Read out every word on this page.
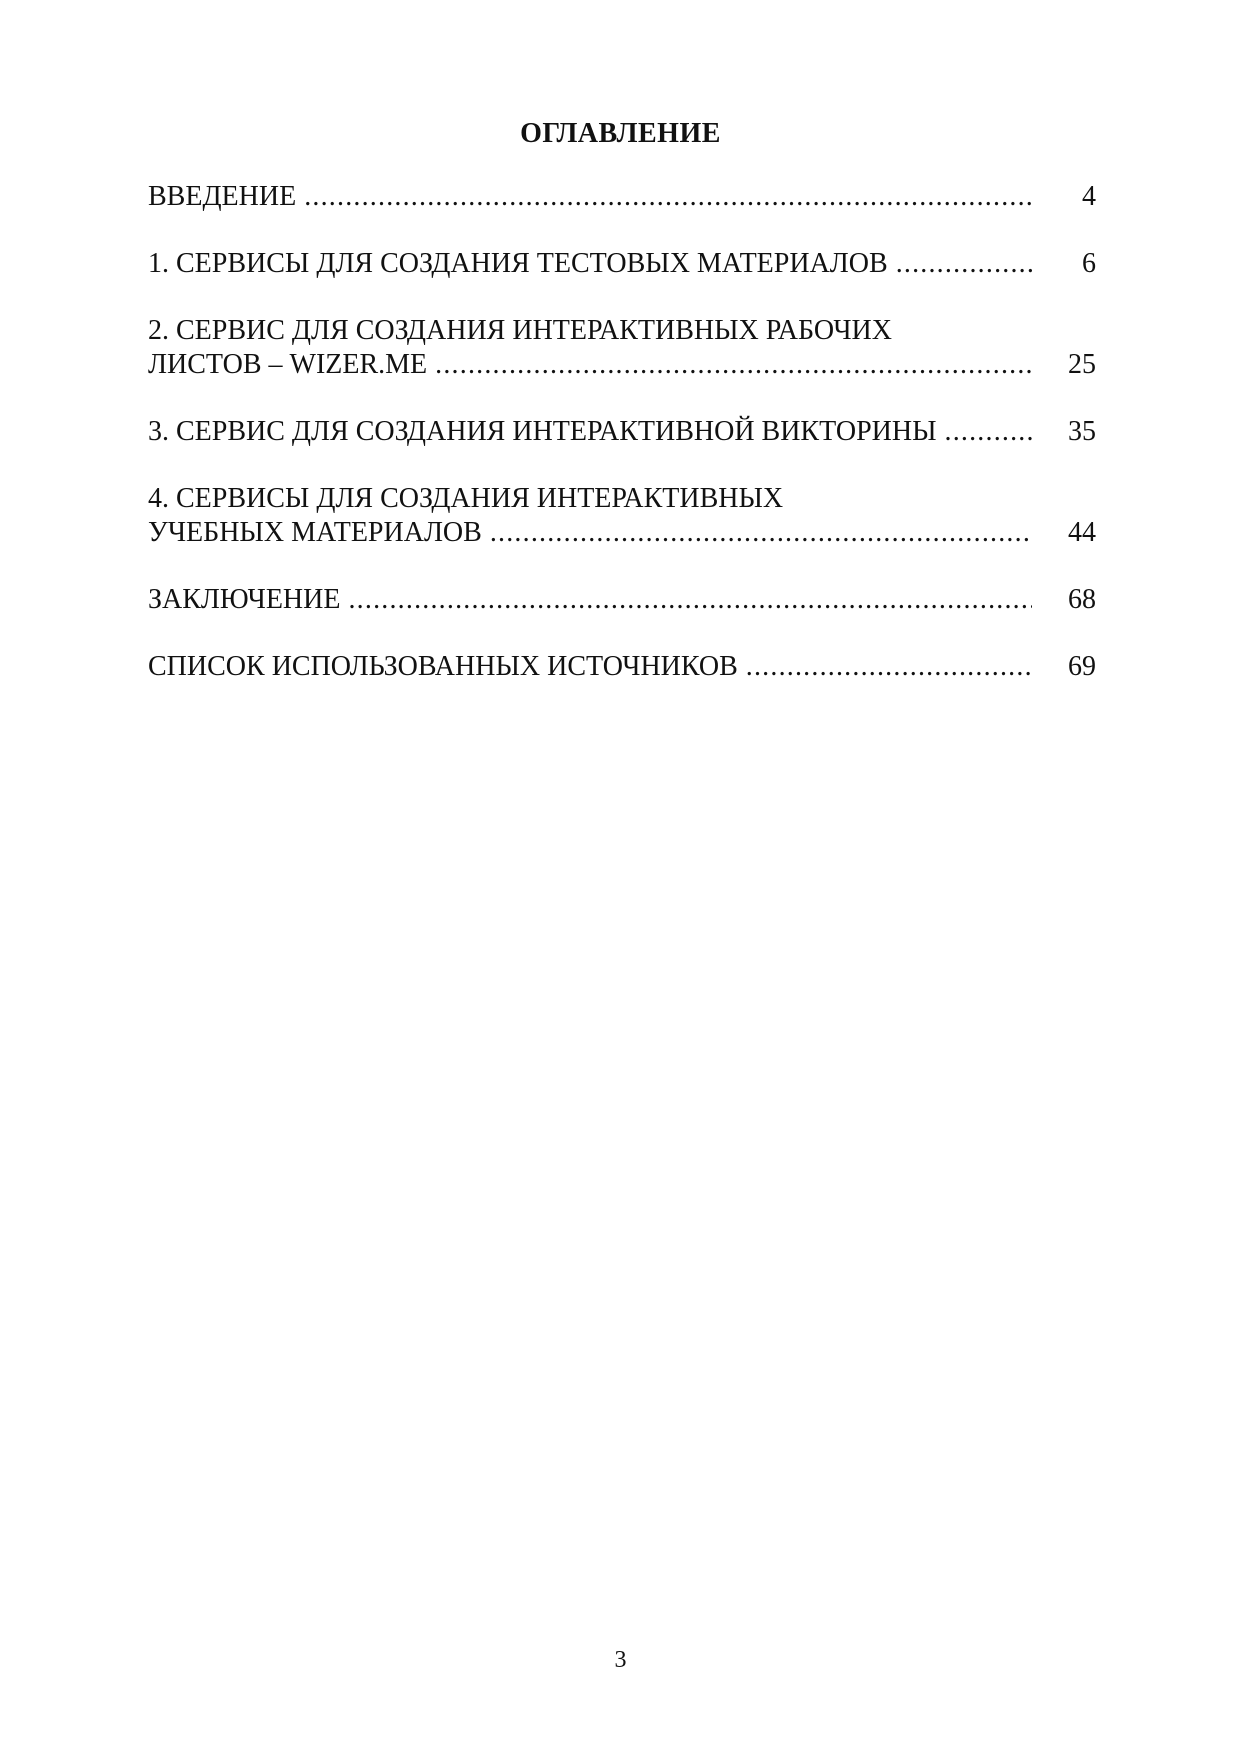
ОГЛАВЛЕНИЕ
ВВЕДЕНИЕ .....	4
1. СЕРВИСЫ ДЛЯ СОЗДАНИЯ ТЕСТОВЫХ МАТЕРИАЛОВ .....	6
2. СЕРВИС ДЛЯ СОЗДАНИЯ ИНТЕРАКТИВНЫХ РАБОЧИХ
ЛИСТОВ – WIZER.ME .....	25
3. СЕРВИС ДЛЯ СОЗДАНИЯ ИНТЕРАКТИВНОЙ ВИКТОРИНЫ .....	35
4. СЕРВИСЫ ДЛЯ СОЗДАНИЯ ИНТЕРАКТИВНЫХ
УЧЕБНЫХ МАТЕРИАЛОВ .....	44
ЗАКЛЮЧЕНИЕ .....	68
СПИСОК ИСПОЛЬЗОВАННЫХ ИСТОЧНИКОВ .....	69
3
